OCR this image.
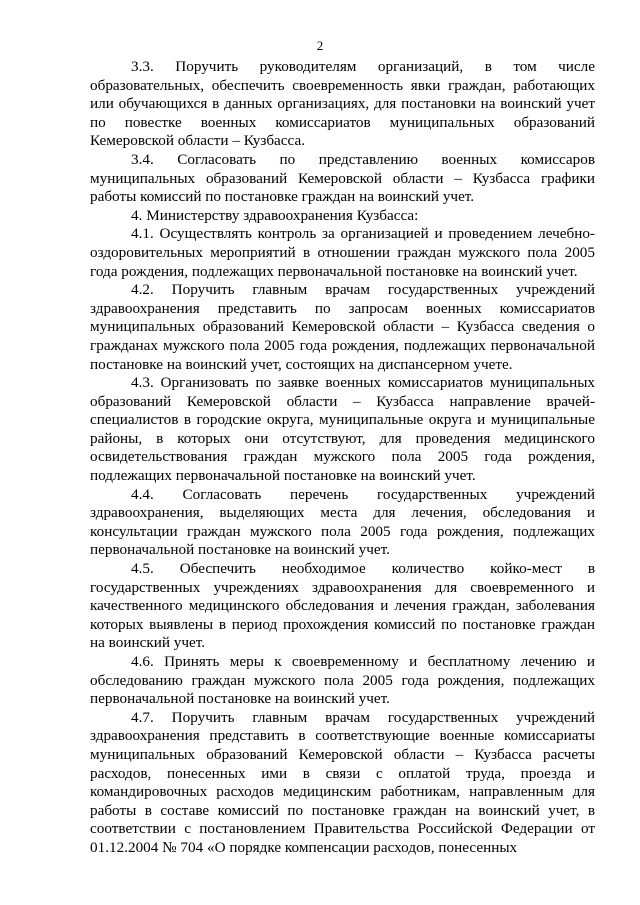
2

3.3. Поручить руководителям организаций, в том числе образовательных, обеспечить своевременность явки граждан, работающих или обучающихся в данных организациях, для постановки на воинский учет по повестке военных комиссариатов муниципальных образований Кемеровской области – Кузбасса.

3.4. Согласовать по представлению военных комиссаров муниципальных образований Кемеровской области – Кузбасса графики работы комиссий по постановке граждан на воинский учет.

4. Министерству здравоохранения Кузбасса:

4.1. Осуществлять контроль за организацией и проведением лечебно-оздоровительных мероприятий в отношении граждан мужского пола 2005 года рождения, подлежащих первоначальной постановке на воинский учет.

4.2. Поручить главным врачам государственных учреждений здравоохранения представить по запросам военных комиссариатов муниципальных образований Кемеровской области – Кузбасса сведения о гражданах мужского пола 2005 года рождения, подлежащих первоначальной постановке на воинский учет, состоящих на диспансерном учете.

4.3. Организовать по заявке военных комиссариатов муниципальных образований Кемеровской области – Кузбасса направление врачей-специалистов в городские округа, муниципальные округа и муниципальные районы, в которых они отсутствуют, для проведения медицинского освидетельствования граждан мужского пола 2005 года рождения, подлежащих первоначальной постановке на воинский учет.

4.4. Согласовать перечень государственных учреждений здравоохранения, выделяющих места для лечения, обследования и консультации граждан мужского пола 2005 года рождения, подлежащих первоначальной постановке на воинский учет.

4.5. Обеспечить необходимое количество койко-мест в государственных учреждениях здравоохранения для своевременного и качественного медицинского обследования и лечения граждан, заболевания которых выявлены в период прохождения комиссий по постановке граждан на воинский учет.

4.6. Принять меры к своевременному и бесплатному лечению и обследованию граждан мужского пола 2005 года рождения, подлежащих первоначальной постановке на воинский учет.

4.7. Поручить главным врачам государственных учреждений здравоохранения представить в соответствующие военные комиссариаты муниципальных образований Кемеровской области – Кузбасса расчеты расходов, понесенных ими в связи с оплатой труда, проезда и командировочных расходов медицинским работникам, направленным для работы в составе комиссий по постановке граждан на воинский учет, в соответствии с постановлением Правительства Российской Федерации от 01.12.2004 № 704 «О порядке компенсации расходов, понесенных
